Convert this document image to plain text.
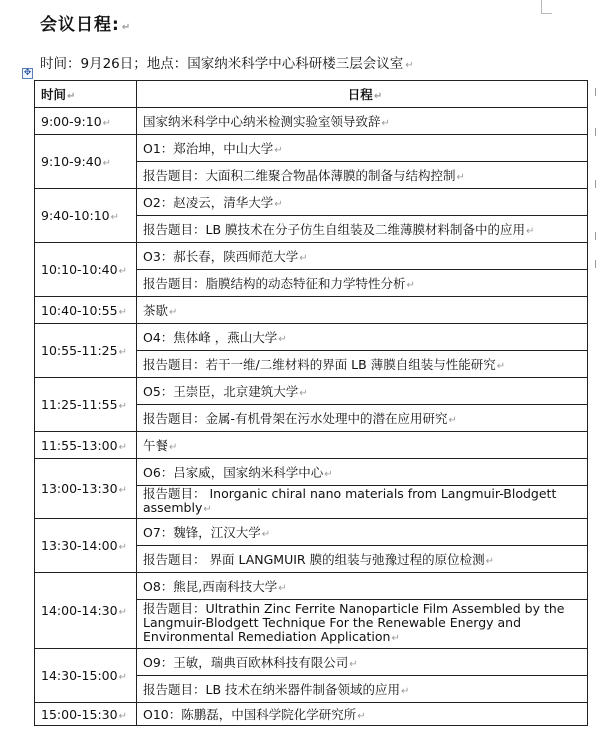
会议日程: ↵
时间：9月26日；地点：国家纳米科学中心科研楼三层会议室 ↵
✥
时间↵	日程↵
9:00-9:10↵	国家纳米科学中心纳米检测实验室领导致辞↵
9:10-9:40↵	O1：郑治坤，中山大学↵
	报告题目：大面积二维聚合物晶体薄膜的制备与结构控制↵
9:40-10:10↵	O2：赵凌云，清华大学↵
	报告题目：LB 膜技术在分子仿生自组装及二维薄膜材料制备中的应用↵
10:10-10:40↵	O3：郝长春，陕西师范大学↵
	报告题目：脂膜结构的动态特征和力学特性分析↵
10:40-10:55↵	茶歇↵
10:55-11:25↵	O4：焦体峰 ，燕山大学↵
	报告题目：若干一维/二维材料的界面 LB 薄膜自组装与性能研究↵
11:25-11:55↵	O5：王崇臣，北京建筑大学↵
	报告题目：金属-有机骨架在污水处理中的潜在应用研究↵
11:55-13:00↵	午餐↵
13:00-13:30↵	O6：吕家威，国家纳米科学中心↵
	报告题目： Inorganic chiral nano materials from Langmuir-Blodgett assembly↵
13:30-14:00↵	O7：魏锋，江汉大学↵
	报告题目： 界面 LANGMUIR 膜的组装与弛豫过程的原位检测↵
14:00-14:30↵	O8：熊昆,西南科技大学↵
	报告题目：Ultrathin Zinc Ferrite Nanoparticle Film Assembled by the Langmuir-Blodgett Technique For the Renewable Energy and Environmental Remediation Application↵
14:30-15:00↵	O9：王敏，瑞典百欧林科技有限公司↵
	报告题目：LB 技术在纳米器件制备领域的应用↵
15:00-15:30↵	O10：陈鹏磊，中国科学院化学研究所↵
